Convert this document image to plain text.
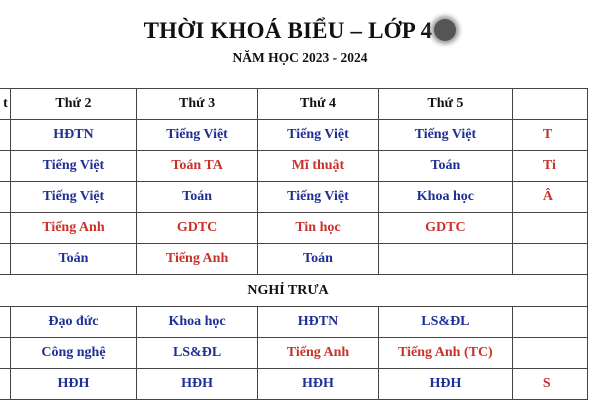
THỜI KHOÁ BIỂU – LỚP 4
NĂM HỌC 2023 - 2024
t	Thứ 2	Thứ 3	Thứ 4	Thứ 5	
	HĐTN	Tiếng Việt	Tiếng Việt	Tiếng Việt	T
	Tiếng Việt	Toán TA	Mĩ thuật	Toán	Ti
	Tiếng Việt	Toán	Tiếng Việt	Khoa học	Â
	Tiếng Anh	GDTC	Tin học	GDTC	
	Toán	Tiếng Anh	Toán		
NGHỈ TRƯA					
	Đạo đức	Khoa học	HĐTN	LS&ĐL	
	Công nghệ	LS&ĐL	Tiếng Anh	Tiếng Anh (TC)	
	HĐH	HĐH	HĐH	HĐH	S
